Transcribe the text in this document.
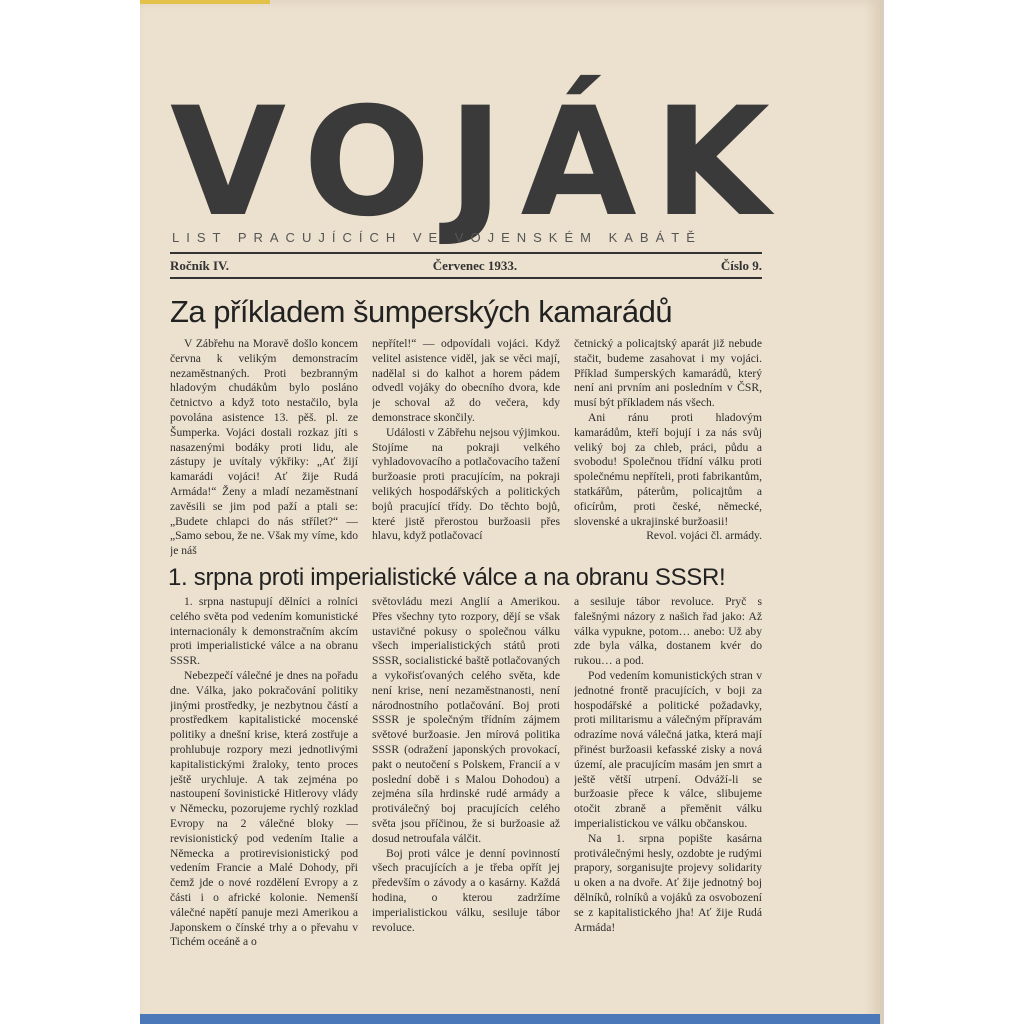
V O J Á K
LIST PRACUJÍCÍCH VE VOJENSKÉM KABÁTĚ
Ročník IV.	Červenec 1933.	Číslo 9.
Za příkladem šumperských kamarádů

V Zábřehu na Moravě došlo koncem června k velikým demonstracím nezaměstnaných. Proti bezbranným hladovým chudákům bylo posláno četnictvo a když toto nestačilo, byla povolána asistence 13. pěš. pl. ze Šumperka. Vojáci dostali rozkaz jíti s nasazenými bodáky proti lidu, ale zástupy je uvítaly výkřiky: „Ať žijí kamarádi vojáci! Ať žije Rudá Armáda!“ Ženy a mladí nezaměstnaní zavěsili se jim pod paží a ptali se: „Budete chlapci do nás střílet?“ — „Samo sebou, že ne. Však my víme, kdo je náš

nepřítel!“ — odpovídali vojáci. Když velitel asistence viděl, jak se věci mají, nadělal si do kalhot a horem pádem odvedl vojáky do obecního dvora, kde je schoval až do večera, kdy demonstrace skončily.

Události v Zábřehu nejsou výjimkou. Stojíme na pokraji velkého vyhladovovacího a potlačovacího tažení buržoasie proti pracujícím, na pokraji velikých hospodářských a politických bojů pracující třídy. Do těchto bojů, které jistě přerostou buržoasii přes hlavu, když potlačovací

četnický a policajtský aparát již nebude stačit, budeme zasahovat i my vojáci. Příklad šumperských kamarádů, který není ani prvním ani posledním v ČSR, musí být příkladem nás všech.

Ani ránu proti hladovým kamarádům, kteří bojují i za nás svůj veliký boj za chleb, práci, půdu a svobodu! Společnou třídní válku proti společnému nepříteli, proti fabrikantům, statkářům, páterům, policajtům a oficírům, proti české, německé, slovenské a ukrajinské buržoasii!

Revol. vojáci čl. armády.
1. srpna proti imperialistické válce a na obranu SSSR!

1. srpna nastupují dělníci a rolníci celého světa pod vedením komunistické internacionály k demonstračním akcím proti imperialistické válce a na obranu SSSR.

Nebezpečí válečné je dnes na pořadu dne. Válka, jako pokračování politiky jinými prostředky, je nezbytnou částí a prostředkem kapitalistické mocenské politiky a dnešní krise, která zostřuje a prohlubuje rozpory mezi jednotlivými kapitalistickými žraloky, tento proces ještě urychluje. A tak zejména po nastoupení šovinistické Hitlerovy vlády v Německu, pozorujeme rychlý rozklad Evropy na 2 válečné bloky — revisionistický pod vedením Italie a Německa a protirevisionistický pod vedením Francie a Malé Dohody, při čemž jde o nové rozdělení Evropy a z části i o africké kolonie. Nemenší válečné napětí panuje mezi Amerikou a Japonskem o čínské trhy a o převahu v Tichém oceáně a o

světovládu mezi Anglií a Amerikou. Přes všechny tyto rozpory, dějí se však ustavičné pokusy o společnou válku všech imperialistických států proti SSSR, socialistické baště potlačovaných a vykořisťovaných celého světa, kde není krise, není nezaměstnanosti, není národnostního potlačování. Boj proti SSSR je společným třídním zájmem světové buržoasie. Jen mírová politika SSSR (odražení japonských provokací, pakt o neutočení s Polskem, Francií a v poslední době i s Malou Dohodou) a zejména síla hrdinské rudé armády a protiválečný boj pracujících celého světa jsou příčinou, že si buržoasie až dosud netroufala válčit.

Boj proti válce je denní povinností všech pracujících a je třeba opřít jej především o závody a o kasárny. Každá hodina, o kterou zadržíme imperialistickou válku, sesiluje tábor revoluce.

a sesiluje tábor revoluce. Pryč s falešnými názory z našich řad jako: Až válka vypukne, potom… anebo: Už aby zde byla válka, dostanem kvér do rukou… a pod.

Pod vedením komunistických stran v jednotné frontě pracujících, v boji za hospodářské a politické požadavky, proti militarismu a válečným přípravám odrazíme nová válečná jatka, která mají přinést buržoasii kefasské zisky a nová území, ale pracujícím masám jen smrt a ještě větší utrpení. Odváží-li se buržoasie přece k válce, slibujeme otočit zbraně a přeměnit válku imperialistickou ve válku občanskou.

Na 1. srpna popište kasárna protiválečnými hesly, ozdobte je rudými prapory, sorganisujte projevy solidarity u oken a na dvoře. Ať žije jednotný boj dělníků, rolníků a vojáků za osvobození se z kapitalistického jha! Ať žije Rudá Armáda!
